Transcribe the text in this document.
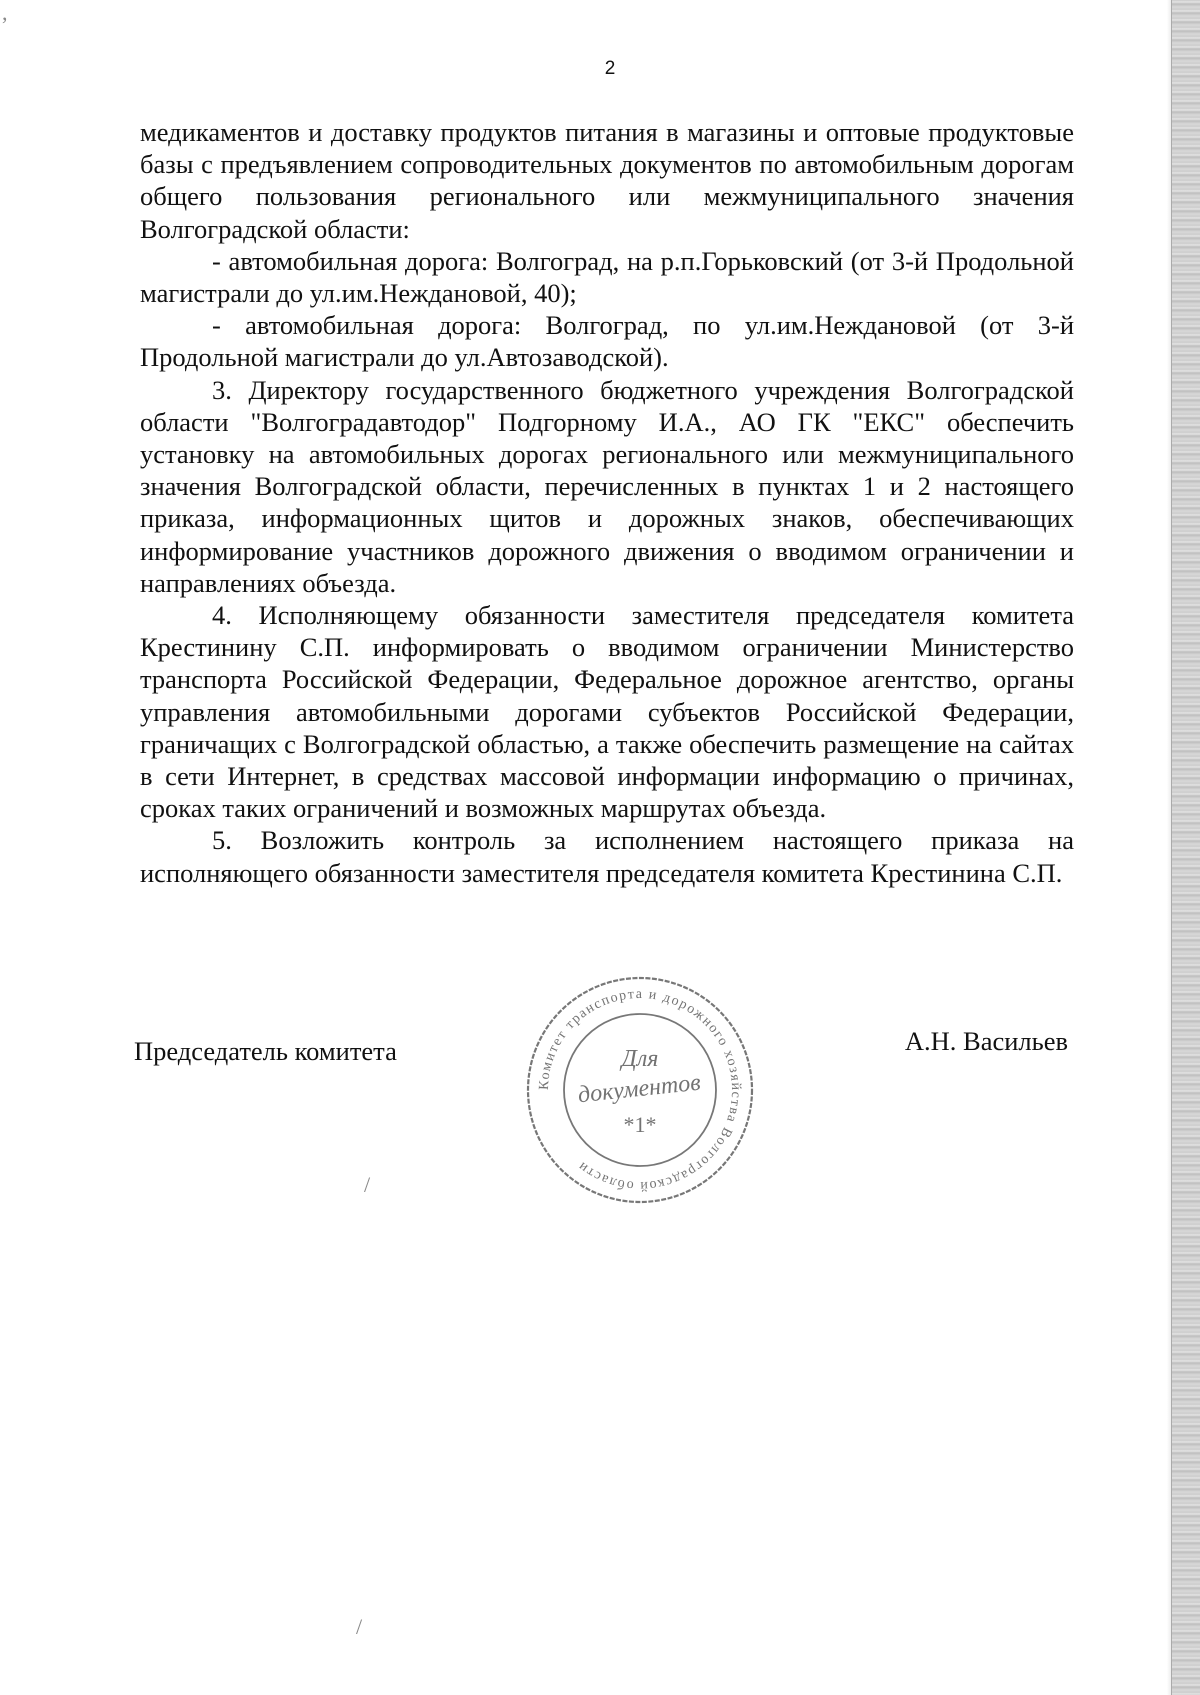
,
2

медикаментов и доставку продуктов питания в магазины и оптовые продуктовые базы с предъявлением сопроводительных документов по автомобильным дорогам общего пользования регионального или межмуниципального значения Волгоградской области:

- автомобильная дорога: Волгоград, на р.п.Горьковский (от 3-й Продольной магистрали до ул.им.Неждановой, 40);

- автомобильная дорога: Волгоград, по ул.им.Неждановой (от 3-й Продольной магистрали до ул.Автозаводской).

3. Директору государственного бюджетного учреждения Волгоградской области "Волгоградавтодор" Подгорному И.А., АО ГК "ЕКС" обеспечить установку на автомобильных дорогах регионального или межмуниципального значения Волгоградской области, перечисленных в пунктах 1 и 2 настоящего приказа, информационных щитов и дорожных знаков, обеспечивающих информирование участников дорожного движения о вводимом ограничении и направлениях объезда.

4. Исполняющему обязанности заместителя председателя комитета Крестинину С.П. информировать о вводимом ограничении Министерство транспорта Российской Федерации, Федеральное дорожное агентство, органы управления автомобильными дорогами субъектов Российской Федерации, граничащих с Волгоградской областью, а также обеспечить размещение на сайтах в сети Интернет, в средствах массовой информации информацию о причинах, сроках таких ограничений и возможных маршрутах объезда.

5. Возложить контроль за исполнением настоящего приказа на исполняющего обязанности заместителя председателя комитета Крестинина С.П.

Председатель комитета	А.Н. Васильев
Комитет транспорта и дорожного хозяйства Волгоградской области
Для
документов
*1*
/
/
